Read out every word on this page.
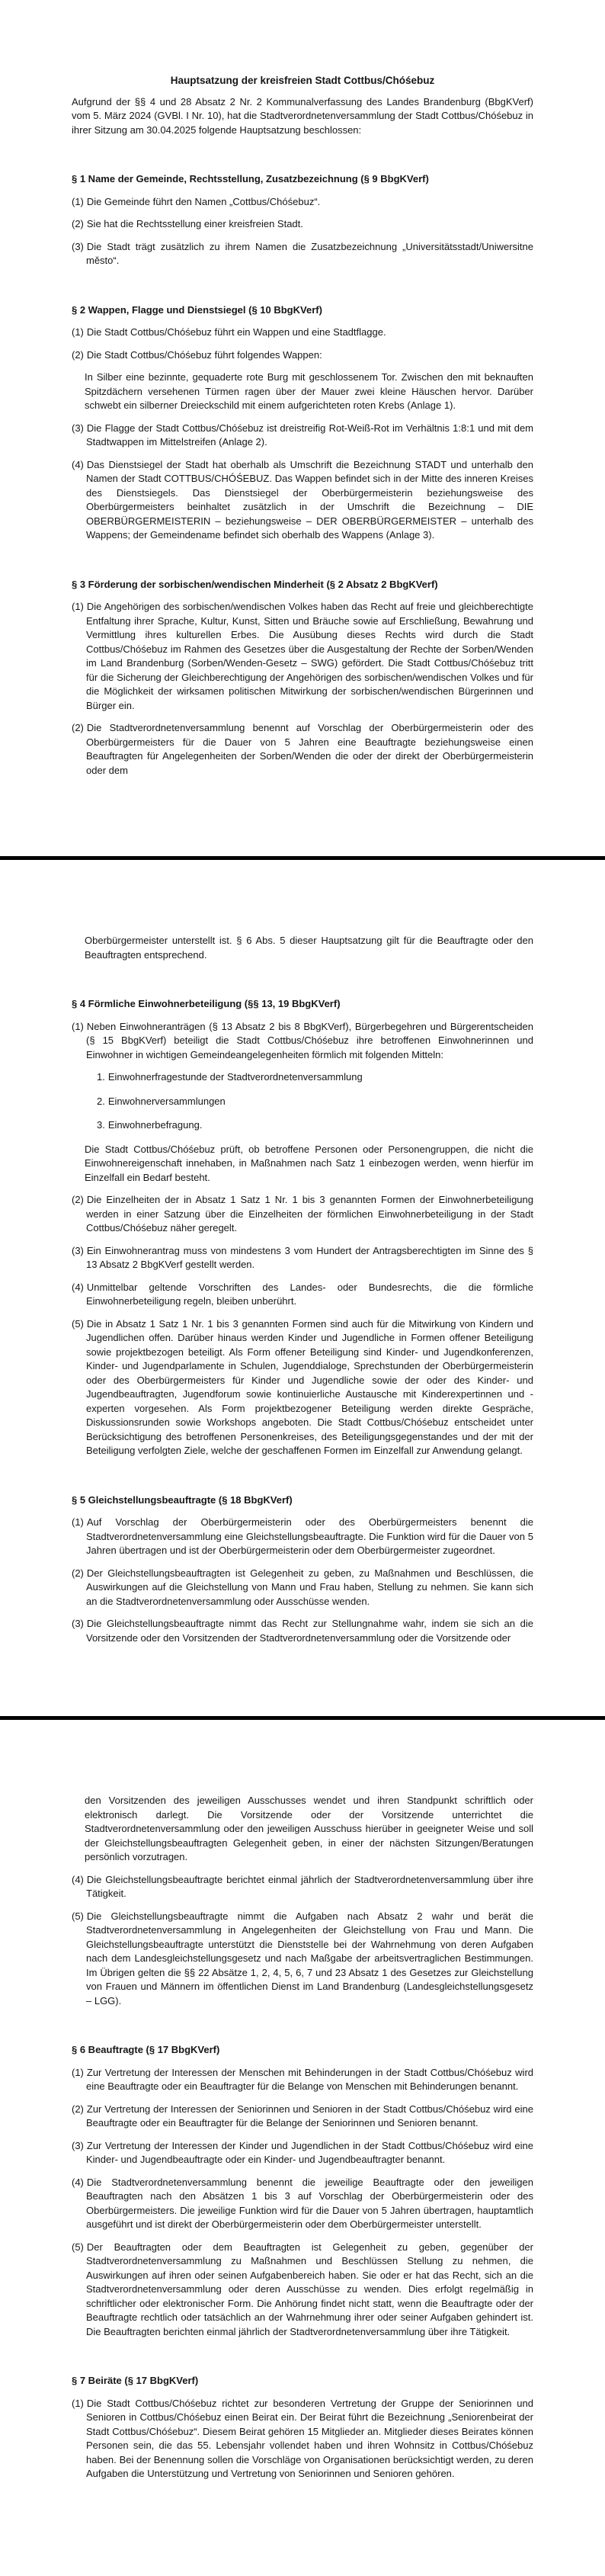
Hauptsatzung der kreisfreien Stadt Cottbus/Chóśebuz
Aufgrund der §§ 4 und 28 Absatz 2 Nr. 2 Kommunalverfassung des Landes Brandenburg (BbgKVerf) vom 5. März 2024 (GVBl. I Nr. 10), hat die Stadtverordnetenversammlung der Stadt Cottbus/Chóśebuz in ihrer Sitzung am 30.04.2025 folgende Hauptsatzung beschlossen:
§ 1 Name der Gemeinde, Rechtsstellung, Zusatzbezeichnung (§ 9 BbgKVerf)
(1) Die Gemeinde führt den Namen „Cottbus/Chóśebuz“.
(2) Sie hat die Rechtsstellung einer kreisfreien Stadt.
(3) Die Stadt trägt zusätzlich zu ihrem Namen die Zusatzbezeichnung „Universitätsstadt/Uniwersitne město“.
§ 2 Wappen, Flagge und Dienstsiegel (§ 10 BbgKVerf)
(1) Die Stadt Cottbus/Chóśebuz führt ein Wappen und eine Stadtflagge.
(2) Die Stadt Cottbus/Chóśebuz führt folgendes Wappen:
In Silber eine bezinnte, gequaderte rote Burg mit geschlossenem Tor. Zwischen den mit beknauften Spitzdächern versehenen Türmen ragen über der Mauer zwei kleine Häuschen hervor. Darüber schwebt ein silberner Dreieckschild mit einem aufgerichteten roten Krebs (Anlage 1).
(3) Die Flagge der Stadt Cottbus/Chóśebuz ist dreistreifig Rot-Weiß-Rot im Verhältnis 1:8:1 und mit dem Stadtwappen im Mittelstreifen (Anlage 2).
(4) Das Dienstsiegel der Stadt hat oberhalb als Umschrift die Bezeichnung STADT und unterhalb den Namen der Stadt COTTBUS/CHÓŚEBUZ. Das Wappen befindet sich in der Mitte des inneren Kreises des Dienstsiegels. Das Dienstsiegel der Oberbürgermeisterin beziehungsweise des Oberbürgermeisters beinhaltet zusätzlich in der Umschrift die Bezeichnung – DIE OBERBÜRGERMEISTERIN – beziehungsweise – DER OBERBÜRGERMEISTER – unterhalb des Wappens; der Gemeindename befindet sich oberhalb des Wappens (Anlage 3).
§ 3 Förderung der sorbischen/wendischen Minderheit (§ 2 Absatz 2 BbgKVerf)
(1) Die Angehörigen des sorbischen/wendischen Volkes haben das Recht auf freie und gleichberechtigte Entfaltung ihrer Sprache, Kultur, Kunst, Sitten und Bräuche sowie auf Erschließung, Bewahrung und Vermittlung ihres kulturellen Erbes. Die Ausübung dieses Rechts wird durch die Stadt Cottbus/Chóśebuz im Rahmen des Gesetzes über die Ausgestaltung der Rechte der Sorben/Wenden im Land Brandenburg (Sorben/Wenden-Gesetz – SWG) gefördert. Die Stadt Cottbus/Chóśebuz tritt für die Sicherung der Gleichberechtigung der Angehörigen des sorbischen/wendischen Volkes und für die Möglichkeit der wirksamen politischen Mitwirkung der sorbischen/wendischen Bürgerinnen und Bürger ein.
(2) Die Stadtverordnetenversammlung benennt auf Vorschlag der Oberbürgermeisterin oder des Oberbürgermeisters für die Dauer von 5 Jahren eine Beauftragte beziehungsweise einen Beauftragten für Angelegenheiten der Sorben/Wenden die oder der direkt der Oberbürgermeisterin oder dem
Oberbürgermeister unterstellt ist. § 6 Abs. 5 dieser Hauptsatzung gilt für die Beauftragte oder den Beauftragten entsprechend.
§ 4 Förmliche Einwohnerbeteiligung (§§ 13, 19 BbgKVerf)
(1) Neben Einwohneranträgen (§ 13 Absatz 2 bis 8 BbgKVerf), Bürgerbegehren und Bürgerentscheiden (§ 15 BbgKVerf) beteiligt die Stadt Cottbus/Chóśebuz ihre betroffenen Einwohnerinnen und Einwohner in wichtigen Gemeindeangelegenheiten förmlich mit folgenden Mitteln:
1. Einwohnerfragestunde der Stadtverordnetenversammlung
2. Einwohnerversammlungen
3. Einwohnerbefragung.
Die Stadt Cottbus/Chóśebuz prüft, ob betroffene Personen oder Personengruppen, die nicht die Einwohnereigenschaft innehaben, in Maßnahmen nach Satz 1 einbezogen werden, wenn hierfür im Einzelfall ein Bedarf besteht.
(2) Die Einzelheiten der in Absatz 1 Satz 1 Nr. 1 bis 3 genannten Formen der Einwohnerbeteiligung werden in einer Satzung über die Einzelheiten der förmlichen Einwohnerbeteiligung in der Stadt Cottbus/Chóśebuz näher geregelt.
(3) Ein Einwohnerantrag muss von mindestens 3 vom Hundert der Antragsberechtigten im Sinne des § 13 Absatz 2 BbgKVerf gestellt werden.
(4) Unmittelbar geltende Vorschriften des Landes- oder Bundesrechts, die die förmliche Einwohnerbeteiligung regeln, bleiben unberührt.
(5) Die in Absatz 1 Satz 1 Nr. 1 bis 3 genannten Formen sind auch für die Mitwirkung von Kindern und Jugendlichen offen. Darüber hinaus werden Kinder und Jugendliche in Formen offener Beteiligung sowie projektbezogen beteiligt. Als Form offener Beteiligung sind Kinder- und Jugendkonferenzen, Kinder- und Jugendparlamente in Schulen, Jugenddialoge, Sprechstunden der Oberbürgermeisterin oder des Oberbürgermeisters für Kinder und Jugendliche sowie der oder des Kinder- und Jugendbeauftragten, Jugendforum sowie kontinuierliche Austausche mit Kinderexpertinnen und -experten vorgesehen. Als Form projektbezogener Beteiligung werden direkte Gespräche, Diskussionsrunden sowie Workshops angeboten. Die Stadt Cottbus/Chóśebuz entscheidet unter Berücksichtigung des betroffenen Personenkreises, des Beteiligungsgegenstandes und der mit der Beteiligung verfolgten Ziele, welche der geschaffenen Formen im Einzelfall zur Anwendung gelangt.
§ 5 Gleichstellungsbeauftragte (§ 18 BbgKVerf)
(1) Auf Vorschlag der Oberbürgermeisterin oder des Oberbürgermeisters benennt die Stadtverordnetenversammlung eine Gleichstellungsbeauftragte. Die Funktion wird für die Dauer von 5 Jahren übertragen und ist der Oberbürgermeisterin oder dem Oberbürgermeister zugeordnet.
(2) Der Gleichstellungsbeauftragten ist Gelegenheit zu geben, zu Maßnahmen und Beschlüssen, die Auswirkungen auf die Gleichstellung von Mann und Frau haben, Stellung zu nehmen. Sie kann sich an die Stadtverordnetenversammlung oder Ausschüsse wenden.
(3) Die Gleichstellungsbeauftragte nimmt das Recht zur Stellungnahme wahr, indem sie sich an die Vorsitzende oder den Vorsitzenden der Stadtverordnetenversammlung oder die Vorsitzende oder
den Vorsitzenden des jeweiligen Ausschusses wendet und ihren Standpunkt schriftlich oder elektronisch darlegt. Die Vorsitzende oder der Vorsitzende unterrichtet die Stadtverordnetenversammlung oder den jeweiligen Ausschuss hierüber in geeigneter Weise und soll der Gleichstellungsbeauftragten Gelegenheit geben, in einer der nächsten Sitzungen/Beratungen persönlich vorzutragen.
(4) Die Gleichstellungsbeauftragte berichtet einmal jährlich der Stadtverordnetenversammlung über ihre Tätigkeit.
(5) Die Gleichstellungsbeauftragte nimmt die Aufgaben nach Absatz 2 wahr und berät die Stadtverordnetenversammlung in Angelegenheiten der Gleichstellung von Frau und Mann. Die Gleichstellungsbeauftragte unterstützt die Dienststelle bei der Wahrnehmung von deren Aufgaben nach dem Landesgleichstellungsgesetz und nach Maßgabe der arbeitsvertraglichen Bestimmungen. Im Übrigen gelten die §§ 22 Absätze 1, 2, 4, 5, 6, 7 und 23 Absatz 1 des Gesetzes zur Gleichstellung von Frauen und Männern im öffentlichen Dienst im Land Brandenburg (Landesgleichstellungsgesetz – LGG).
§ 6 Beauftragte (§ 17 BbgKVerf)
(1) Zur Vertretung der Interessen der Menschen mit Behinderungen in der Stadt Cottbus/Chóśebuz wird eine Beauftragte oder ein Beauftragter für die Belange von Menschen mit Behinderungen benannt.
(2) Zur Vertretung der Interessen der Seniorinnen und Senioren in der Stadt Cottbus/Chóśebuz wird eine Beauftragte oder ein Beauftragter für die Belange der Seniorinnen und Senioren benannt.
(3) Zur Vertretung der Interessen der Kinder und Jugendlichen in der Stadt Cottbus/Chóśebuz wird eine Kinder- und Jugendbeauftragte oder ein Kinder- und Jugendbeauftragter benannt.
(4) Die Stadtverordnetenversammlung benennt die jeweilige Beauftragte oder den jeweiligen Beauftragten nach den Absätzen 1 bis 3 auf Vorschlag der Oberbürgermeisterin oder des Oberbürgermeisters. Die jeweilige Funktion wird für die Dauer von 5 Jahren übertragen, hauptamtlich ausgeführt und ist direkt der Oberbürgermeisterin oder dem Oberbürgermeister unterstellt.
(5) Der Beauftragten oder dem Beauftragten ist Gelegenheit zu geben, gegenüber der Stadtverordnetenversammlung zu Maßnahmen und Beschlüssen Stellung zu nehmen, die Auswirkungen auf ihren oder seinen Aufgabenbereich haben. Sie oder er hat das Recht, sich an die Stadtverordnetenversammlung oder deren Ausschüsse zu wenden. Dies erfolgt regelmäßig in schriftlicher oder elektronischer Form. Die Anhörung findet nicht statt, wenn die Beauftragte oder der Beauftragte rechtlich oder tatsächlich an der Wahrnehmung ihrer oder seiner Aufgaben gehindert ist. Die Beauftragten berichten einmal jährlich der Stadtverordnetenversammlung über ihre Tätigkeit.
§ 7 Beiräte (§ 17 BbgKVerf)
(1) Die Stadt Cottbus/Chóśebuz richtet zur besonderen Vertretung der Gruppe der Seniorinnen und Senioren in Cottbus/Chóśebuz einen Beirat ein. Der Beirat führt die Bezeichnung „Seniorenbeirat der Stadt Cottbus/Chóśebuz“. Diesem Beirat gehören 15 Mitglieder an. Mitglieder dieses Beirates können Personen sein, die das 55. Lebensjahr vollendet haben und ihren Wohnsitz in Cottbus/Chóśebuz haben. Bei der Benennung sollen die Vorschläge von Organisationen berücksichtigt werden, zu deren Aufgaben die Unterstützung und Vertretung von Seniorinnen und Senioren gehören.
